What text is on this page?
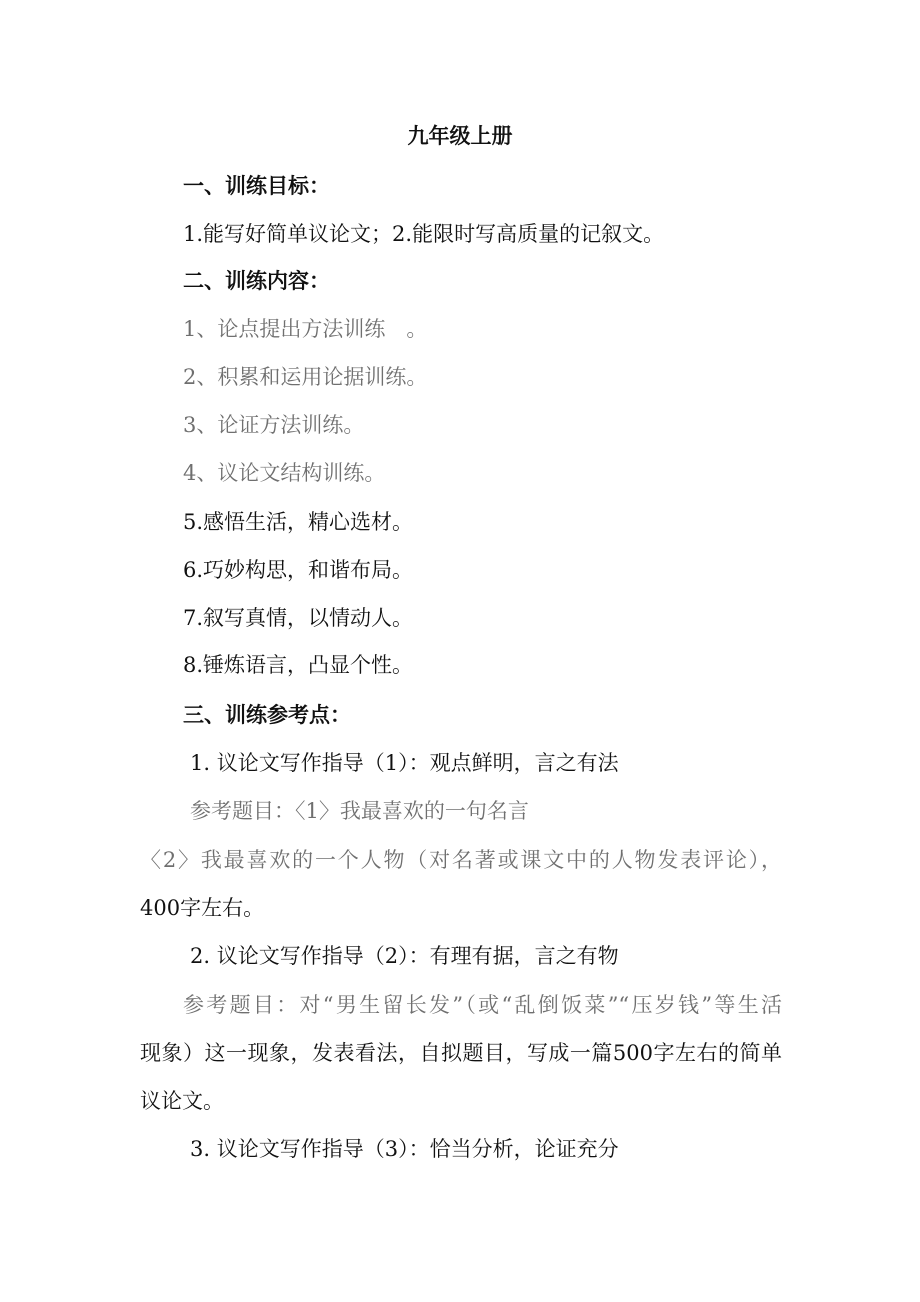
九年级上册
一、训练目标：
1.能写好简单议论文；2.能限时写高质量的记叙文。
二、训练内容：
1、论点提出方法训练　。
2、积累和运用论据训练。
3、论证方法训练。
4、议论文结构训练。
5.感悟生活，精心选材。
6.巧妙构思，和谐布局。
7.叙写真情，以情动人。
8.锤炼语言，凸显个性。
三、训练参考点：
1. 议论文写作指导（1）：观点鲜明，言之有法
参考题目：〈1〉我最喜欢的一句名言
〈2〉我最喜欢的一个人物（对名著或课文中的人物发表评论），
400字左右。
2. 议论文写作指导（2）：有理有据，言之有物
参考题目：对“男生留长发”（或“乱倒饭菜”“压岁钱”等生活
现象）这一现象，发表看法，自拟题目，写成一篇500字左右的简单
议论文。
3. 议论文写作指导（3）：恰当分析，论证充分
